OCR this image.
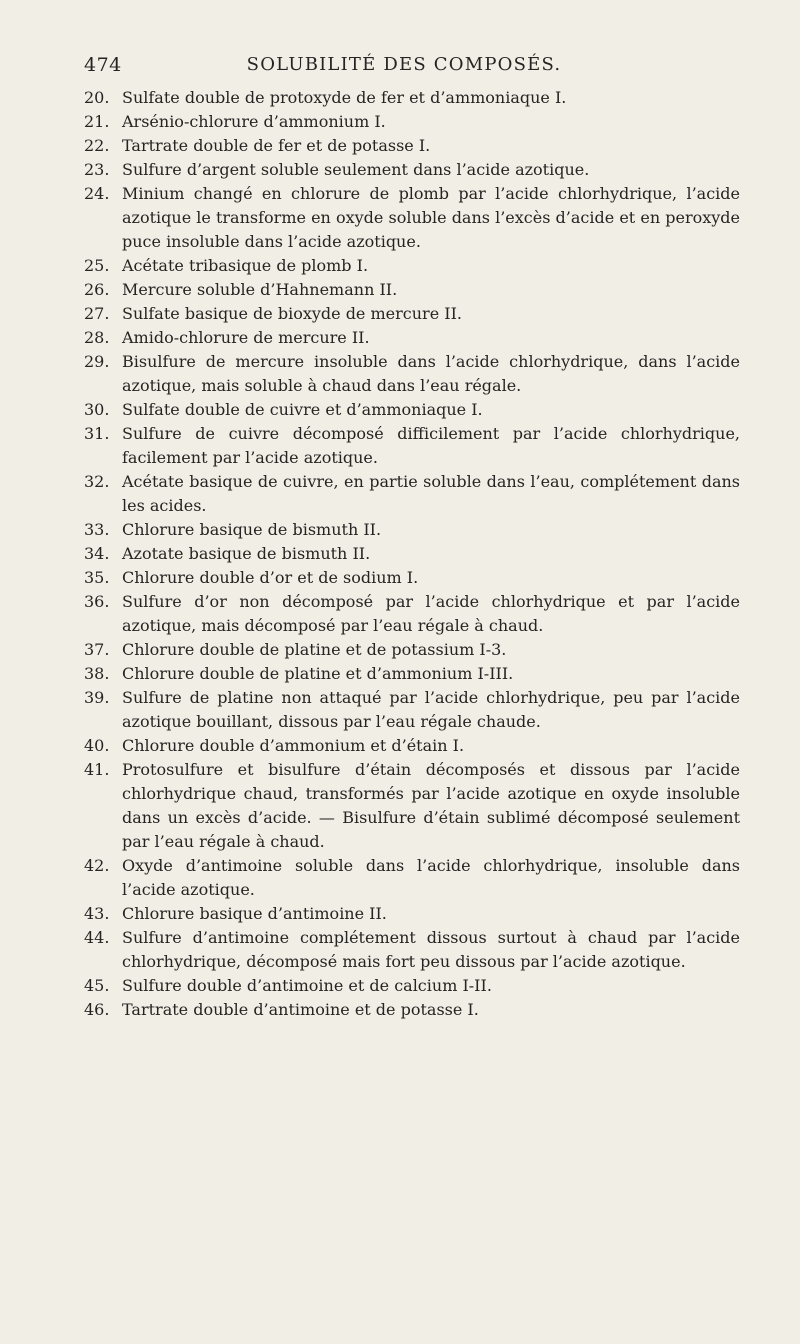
474	SOLUBILITÉ DES COMPOSÉS.
20. Sulfate double de protoxyde de fer et d’ammoniaque I.
21. Arsénio-chlorure d’ammonium I.
22. Tartrate double de fer et de potasse I.
23. Sulfure d’argent soluble seulement dans l’acide azotique.
24. Minium changé en chlorure de plomb par l’acide chlorhydrique, l’acide azotique le transforme en oxyde soluble dans l’excès d’acide et en peroxyde puce insoluble dans l’acide azotique.
25. Acétate tribasique de plomb I.
26. Mercure soluble d’Hahnemann II.
27. Sulfate basique de bioxyde de mercure II.
28. Amido-chlorure de mercure II.
29. Bisulfure de mercure insoluble dans l’acide chlorhydrique, dans l’acide azotique, mais soluble à chaud dans l’eau régale.
30. Sulfate double de cuivre et d’ammoniaque I.
31. Sulfure de cuivre décomposé difficilement par l’acide chlorhydrique, facilement par l’acide azotique.
32. Acétate basique de cuivre, en partie soluble dans l’eau, complétement dans les acides.
33. Chlorure basique de bismuth II.
34. Azotate basique de bismuth II.
35. Chlorure double d’or et de sodium I.
36. Sulfure d’or non décomposé par l’acide chlorhydrique et par l’acide azotique, mais décomposé par l’eau régale à chaud.
37. Chlorure double de platine et de potassium I-3.
38. Chlorure double de platine et d’ammonium I-III.
39. Sulfure de platine non attaqué par l’acide chlorhydrique, peu par l’acide azotique bouillant, dissous par l’eau régale chaude.
40. Chlorure double d’ammonium et d’étain I.
41. Protosulfure et bisulfure d’étain décomposés et dissous par l’acide chlorhydrique chaud, transformés par l’acide azotique en oxyde insoluble dans un excès d’acide. — Bisulfure d’étain sublimé décomposé seulement par l’eau régale à chaud.
42. Oxyde d’antimoine soluble dans l’acide chlorhydrique, insoluble dans l’acide azotique.
43. Chlorure basique d’antimoine II.
44. Sulfure d’antimoine complétement dissous surtout à chaud par l’acide chlorhydrique, décomposé mais fort peu dissous par l’acide azotique.
45. Sulfure double d’antimoine et de calcium I-II.
46. Tartrate double d’antimoine et de potasse I.
